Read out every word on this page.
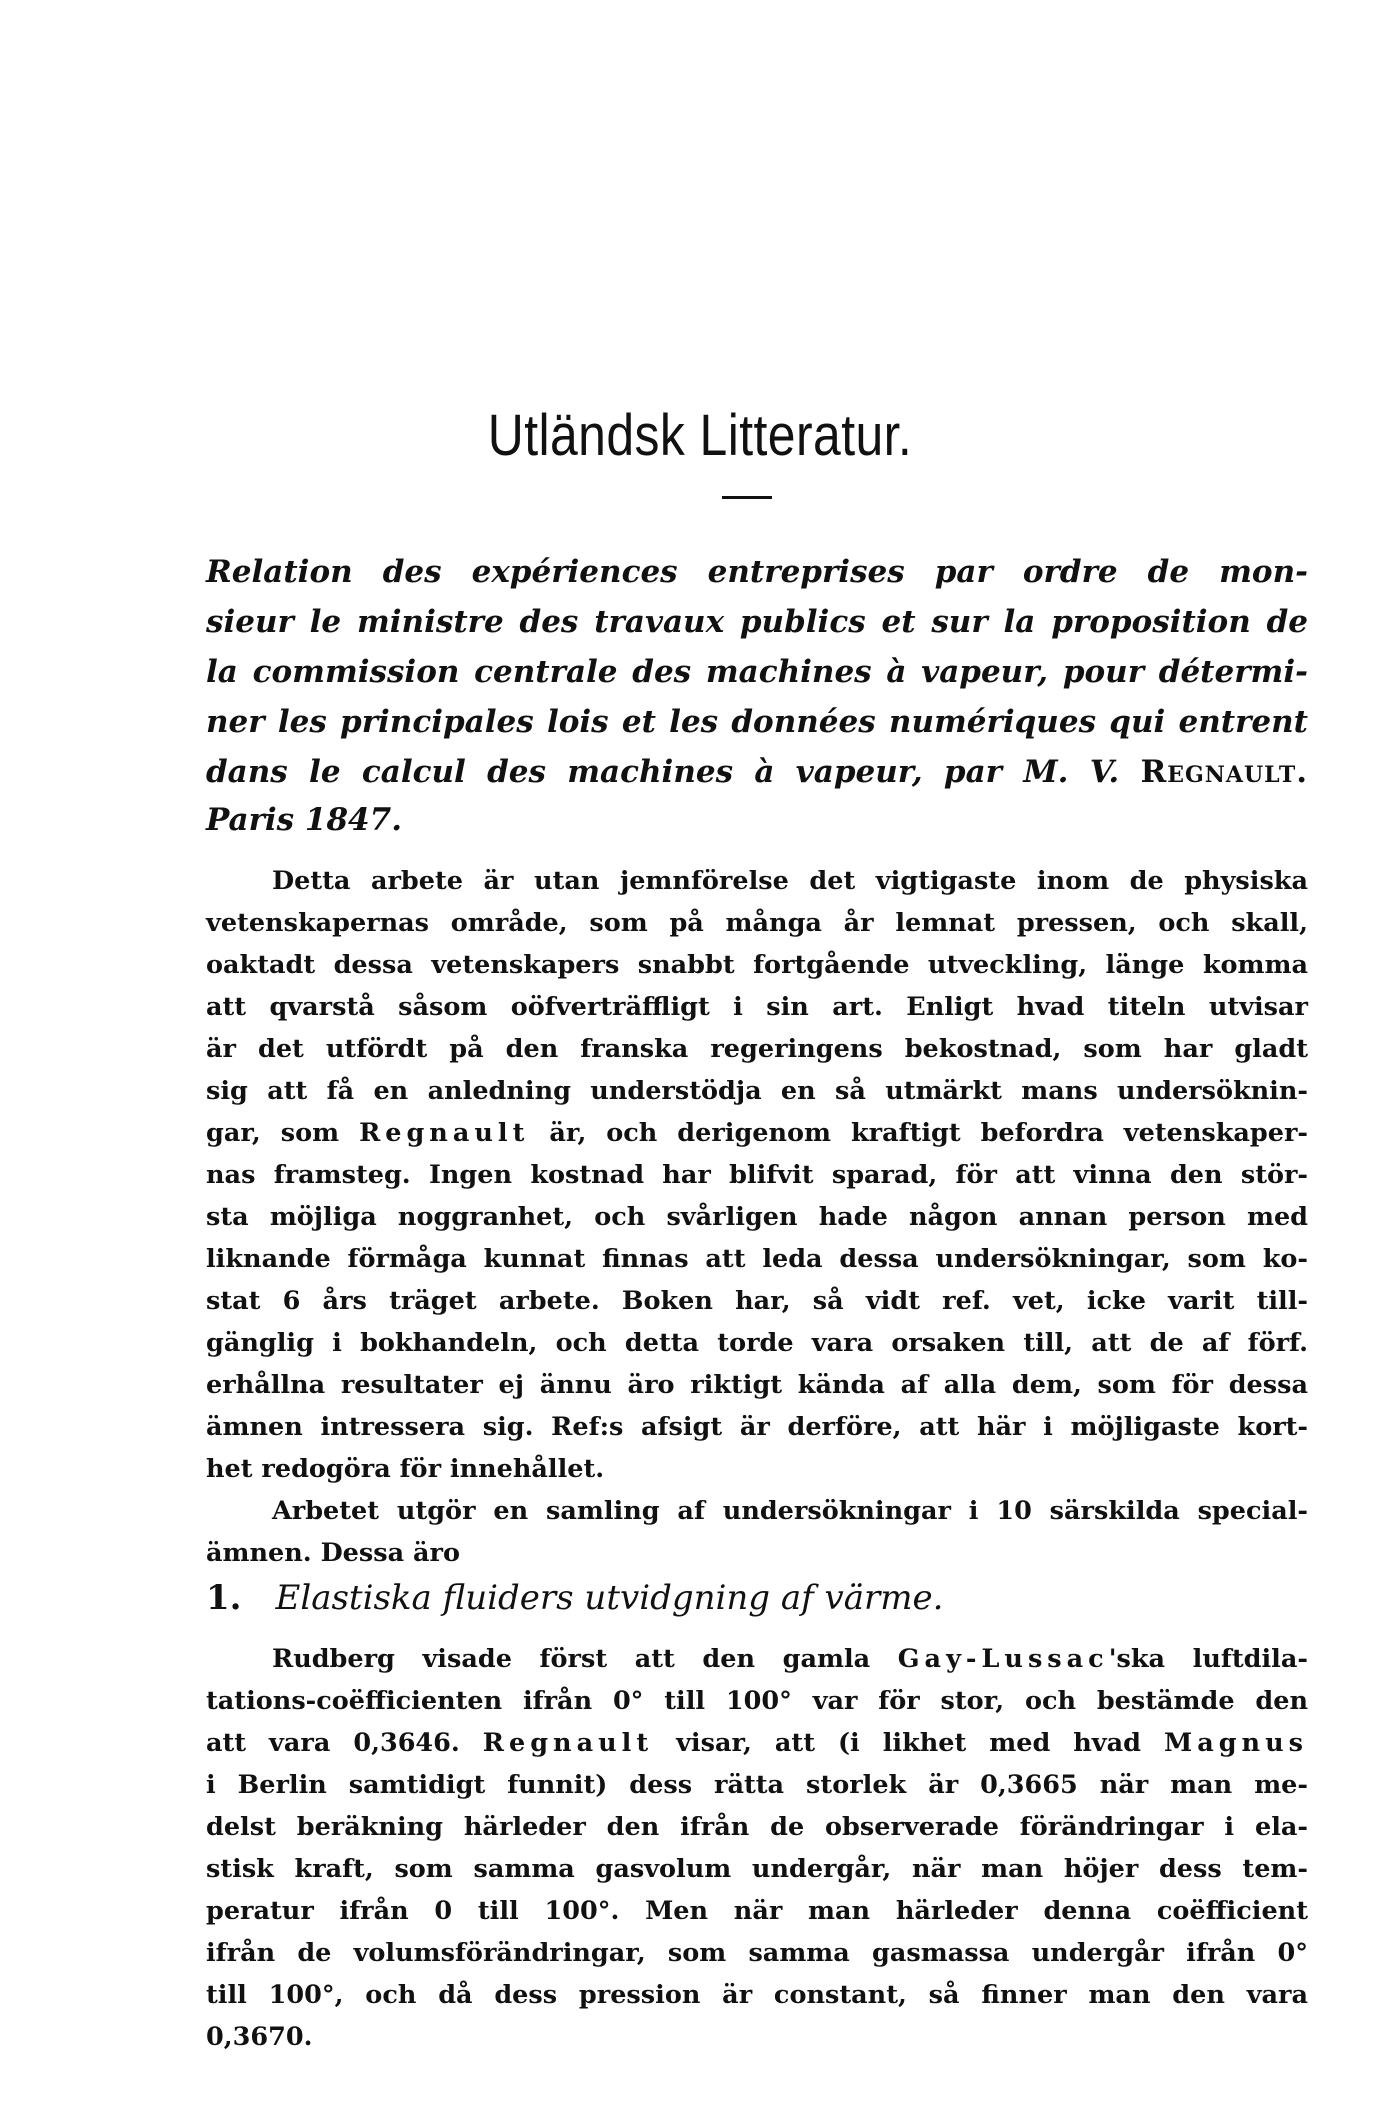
Utländsk Litteratur.
Relation des expériences entreprises par ordre de mon-
sieur le ministre des travaux publics et sur la proposition de
la commission centrale des machines à vapeur, pour détermi-
ner les principales lois et les données numériques qui entrent
dans le calcul des machines à vapeur, par M. V. Regnault.
Paris 1847.
Detta arbete är utan jemnförelse det vigtigaste inom de physiska
vetenskapernas område, som på många år lemnat pressen, och skall,
oaktadt dessa vetenskapers snabbt fortgående utveckling, länge komma
att qvarstå såsom oöfverträffligt i sin art. Enligt hvad titeln utvisar
är det utfördt på den franska regeringens bekostnad, som har gladt
sig att få en anledning understödja en så utmärkt mans undersöknin-
gar, som Regnault är, och derigenom kraftigt befordra vetenskaper-
nas framsteg. Ingen kostnad har blifvit sparad, för att vinna den stör-
sta möjliga noggranhet, och svårligen hade någon annan person med
liknande förmåga kunnat finnas att leda dessa undersökningar, som ko-
stat 6 års träget arbete. Boken har, så vidt ref. vet, icke varit till-
gänglig i bokhandeln, och detta torde vara orsaken till, att de af förf.
erhållna resultater ej ännu äro riktigt kända af alla dem, som för dessa
ämnen intressera sig. Ref:s afsigt är derföre, att här i möjligaste kort-
het redogöra för innehållet.
Arbetet utgör en samling af undersökningar i 10 särskilda special-
ämnen. Dessa äro
1. Elastiska fluiders utvidgning af värme.
Rudberg visade först att den gamla Gay-Lussac'ska luftdila-
tations-coëfficienten ifrån 0° till 100° var för stor, och bestämde den
att vara 0,3646. Regnault visar, att (i likhet med hvad Magnus
i Berlin samtidigt funnit) dess rätta storlek är 0,3665 när man me-
delst beräkning härleder den ifrån de observerade förändringar i ela-
stisk kraft, som samma gasvolum undergår, när man höjer dess tem-
peratur ifrån 0 till 100°. Men när man härleder denna coëfficient
ifrån de volumsförändringar, som samma gasmassa undergår ifrån 0°
till 100°, och då dess pression är constant, så finner man den vara
0,3670.
